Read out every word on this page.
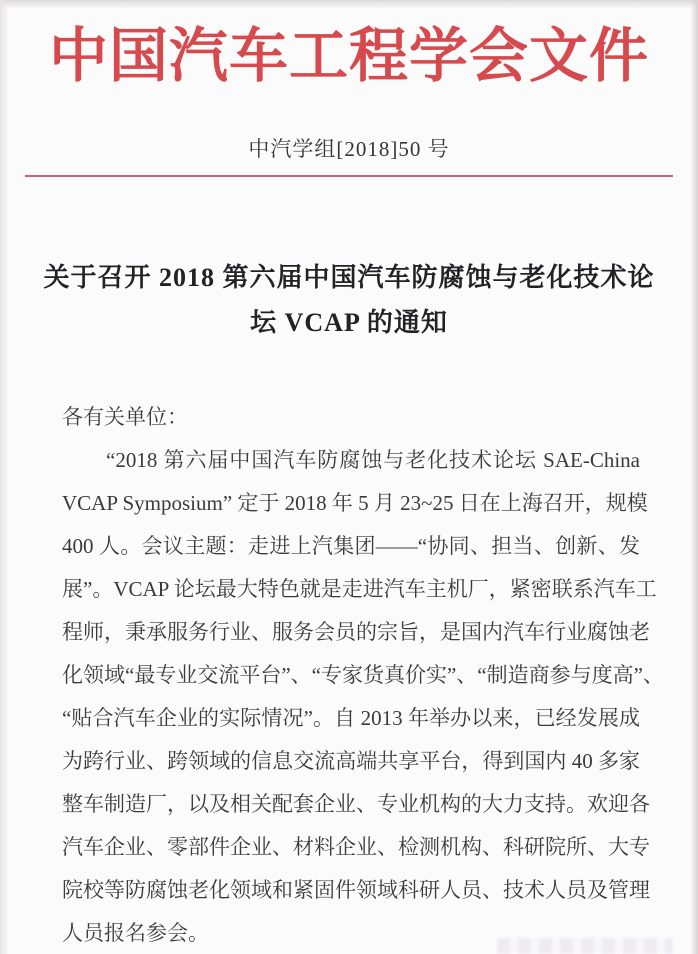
中国汽车工程学会文件
中汽学组[2018]50 号
关于召开 2018 第六届中国汽车防腐蚀与老化技术论
坛 VCAP 的通知
各有关单位：
“2018 第六届中国汽车防腐蚀与老化技术论坛 SAE-China
VCAP Symposium” 定于 2018 年 5 月 23~25 日在上海召开，规模
400 人。会议主题：走进上汽集团——“协同、担当、创新、发
展”。VCAP 论坛最大特色就是走进汽车主机厂，紧密联系汽车工
程师，秉承服务行业、服务会员的宗旨，是国内汽车行业腐蚀老
化领域“最专业交流平台”、“专家货真价实”、“制造商参与度高”、
“贴合汽车企业的实际情况”。自 2013 年举办以来，已经发展成
为跨行业、跨领域的信息交流高端共享平台，得到国内 40 多家
整车制造厂，以及相关配套企业、专业机构的大力支持。欢迎各
汽车企业、零部件企业、材料企业、检测机构、科研院所、大专
院校等防腐蚀老化领域和紧固件领域科研人员、技术人员及管理
人员报名参会。
